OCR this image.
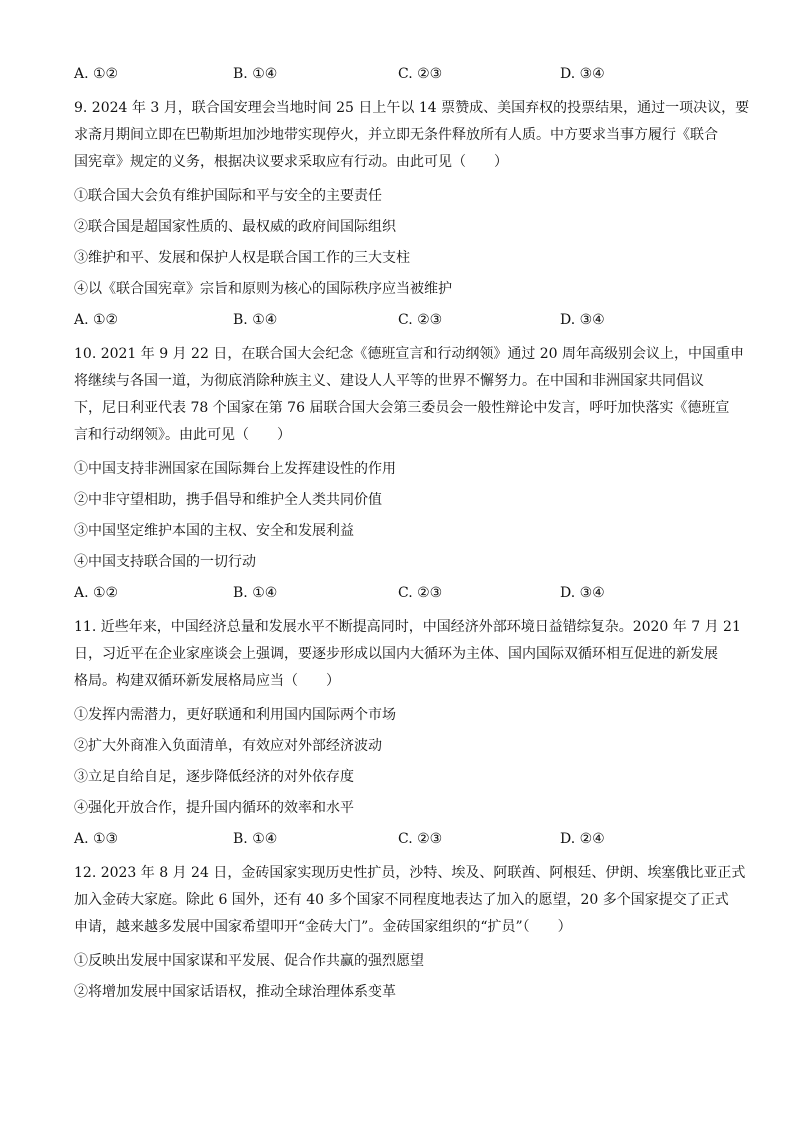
A. ①②	B. ①④	C. ②③	D. ③④
9. 2024 年 3 月，联合国安理会当地时间 25 日上午以 14 票赞成、美国弃权的投票结果，通过一项决议，要
求斋月期间立即在巴勒斯坦加沙地带实现停火，并立即无条件释放所有人质。中方要求当事方履行《联合
国宪章》规定的义务，根据决议要求采取应有行动。由此可见（　　）
①联合国大会负有维护国际和平与安全的主要责任
②联合国是超国家性质的、最权威的政府间国际组织
③维护和平、发展和保护人权是联合国工作的三大支柱
④以《联合国宪章》宗旨和原则为核心的国际秩序应当被维护
A. ①②	B. ①④	C. ②③	D. ③④
10. 2021 年 9 月 22 日，在联合国大会纪念《德班宣言和行动纲领》通过 20 周年高级别会议上，中国重申
将继续与各国一道，为彻底消除种族主义、建设人人平等的世界不懈努力。在中国和非洲国家共同倡议
下，尼日利亚代表 78 个国家在第 76 届联合国大会第三委员会一般性辩论中发言，呼吁加快落实《德班宣
言和行动纲领》。由此可见（　　）
①中国支持非洲国家在国际舞台上发挥建设性的作用
②中非守望相助，携手倡导和维护全人类共同价值
③中国坚定维护本国的主权、安全和发展利益
④中国支持联合国的一切行动
A. ①②	B. ①④	C. ②③	D. ③④
11. 近些年来，中国经济总量和发展水平不断提高同时，中国经济外部环境日益错综复杂。2020 年 7 月 21
日，习近平在企业家座谈会上强调，要逐步形成以国内大循环为主体、国内国际双循环相互促进的新发展
格局。构建双循环新发展格局应当（　　）
①发挥内需潜力，更好联通和利用国内国际两个市场
②扩大外商准入负面清单，有效应对外部经济波动
③立足自给自足，逐步降低经济的对外依存度
④强化开放合作，提升国内循环的效率和水平
A. ①③	B. ①④	C. ②③	D. ②④
12. 2023 年 8 月 24 日，金砖国家实现历史性扩员，沙特、埃及、阿联酋、阿根廷、伊朗、埃塞俄比亚正式
加入金砖大家庭。除此 6 国外，还有 40 多个国家不同程度地表达了加入的愿望，20 多个国家提交了正式
申请，越来越多发展中国家希望叩开“金砖大门”。金砖国家组织的“扩员”（　　）
①反映出发展中国家谋和平发展、促合作共赢的强烈愿望
②将增加发展中国家话语权，推动全球治理体系变革
